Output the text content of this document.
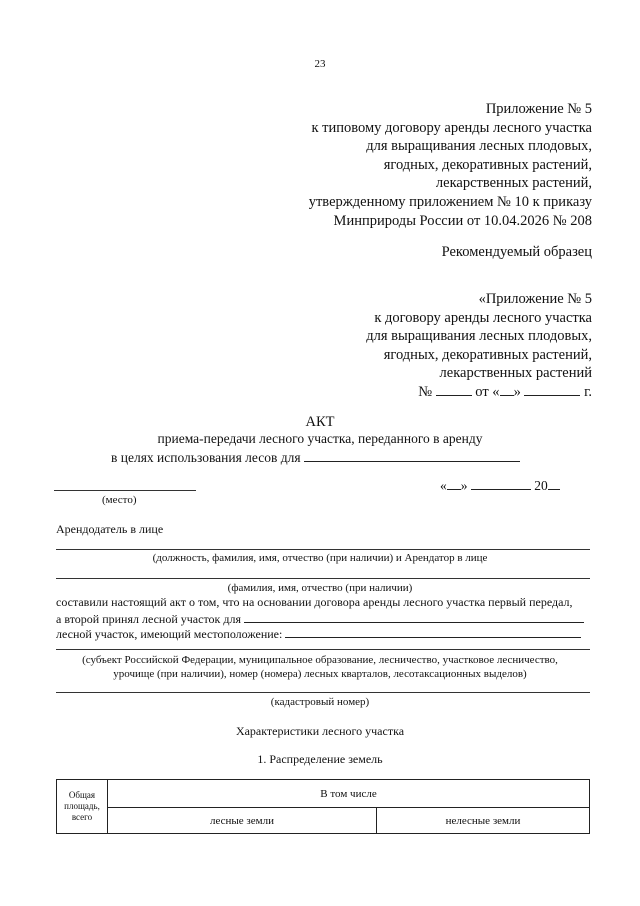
23
Приложение № 5
к типовому договору аренды лесного участка
для выращивания лесных плодовых,
ягодных, декоративных растений,
лекарственных растений,
утвержденному приложением № 10 к приказу
Минприроды России от 10.04.2026 № 208
Рекомендуемый образец
«Приложение № 5
к договору аренды лесного участка
для выращивания лесных плодовых,
ягодных, декоративных растений,
лекарственных растений
№	от « »	г.
АКТ
приема-передачи лесного участка, переданного в аренду
в целях использования лесов для
(место)
« »	20
Арендодатель в лице
(должность, фамилия, имя, отчество (при наличии) и Арендатор в лице
(фамилия, имя, отчество (при наличии)
составили настоящий акт о том, что на основании договора аренды лесного участка первый передал,
а второй принял лесной участок для
лесной участок, имеющий местоположение:
(субъект Российской Федерации, муниципальное образование, лесничество, участковое лесничество,
урочище (при наличии), номер (номера) лесных кварталов, лесотаксационных выделов)
(кадастровый номер)
Характеристики лесного участка
1. Распределение земель
Общая
площадь,
всего	В том числе	
	лесные земли	нелесные земли
